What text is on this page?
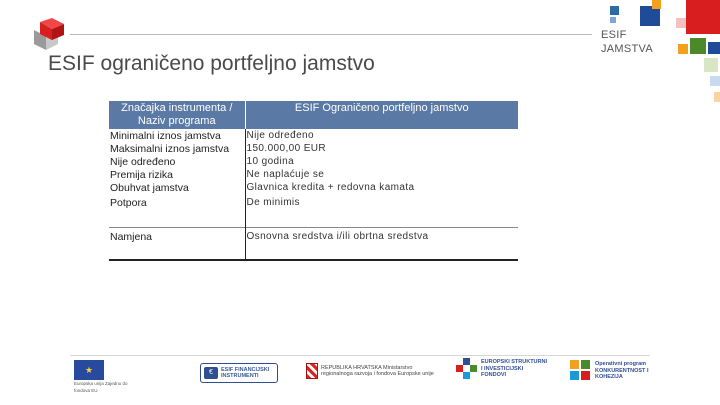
ESIF
JAMSTVA
ESIF ograničeno portfeljno jamstvo
Značajka instrumenta / Naziv programa	ESIF Ograničeno portfeljno jamstvo
Minimalni iznos jamstva	Nije određeno
Maksimalni iznos jamstva	150.000,00 EUR
Nije određeno	10 godina
Premija rizika	Ne naplaćuje se
Obuhvat jamstva	Glavnica kredita + redovna kamata
Potpora	De minimis
Namjena	Osnovna sredstva i/ili obrtna sredstva
★
Europska unija Zajedno do fondova EU
€	ESIF FINANCIJSKI INSTRUMENTI
REPUBLIKA HRVATSKA Ministarstvo regionalnoga razvoja i fondova Europske unije
EUROPSKI STRUKTURNI I INVESTICIJSKI FONDOVI
Operativni program KONKURENTNOST I KOHEZIJA
